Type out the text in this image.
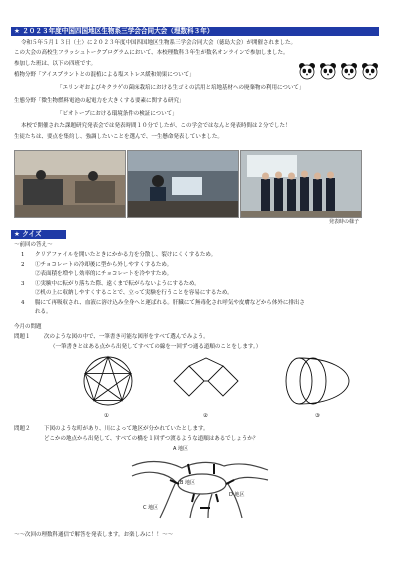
★ ２０２３年度中国四国地区生物系三学会合同大会（理数科３年）
令和５年５月１３日（土）に２０２３年度中国四国地区生物系三学会合同大会（徳島大会）が開催されました。
この大会の高校生フラッシュトークプログラムにおいて、本校理数科３年生が数名オンラインで参加しました。
参加した班は、以下の四班です。
植物分野「アイスプラントとの混植による塩ストレス緩和効果について」
「エリンギおよびキクラゲの菌床栽培における生ゴミの活用と培地基材への廃棄物の利用について」
生態分野「微生物燃料電池の起電力を大きくする要素に関する研究」
「ビオトープにおける環境条件の検証について」
本校で開催された課題研究発表会では発表時間１０分でしたが、この学会ではなんと発表時間は２分でした！
生徒たちは、要点を集約し、強調したいことを選んで、一生懸命発表していました。
発表時の様子
★ クイズ
～前回の答え～
1 クリアファイルを開いたときにかかる力を分散し、裂けにくくするため。
2 ①チョコレートの冷却後に型から外しやすくするため。
②表面積を増やし効率的にチョコレートを冷やすため。
3 ①実験中に転がり落ちた際、遠くまで転がらないようにするため。
②机の上に収納しやすくすることで、立って実験を行うことを容易にするため。
4 腸にて再吸収され、血液に溶け込み全身へと運ばれる。肝臓にて無毒化され呼気や皮膚などから体外に排出さ
れる。
今月の問題
問題１ 次のような図の中で、一筆書き可能な図形をすべて選んでみよう。
（一筆書きとはある点から出発してすべての線を一回ずつ通る道順のことをします。）
①	②	③
問題２ 下図のような町があり、川によって地区が分かれていたとします。
どこかの地点から出発して、すべての橋を１回ずつ渡るような道順はあるでしょうか？
A 地区
B 地区
C 地区
D 地区
～～次回の理数科通信で解答を発表します。お楽しみに！！～～
